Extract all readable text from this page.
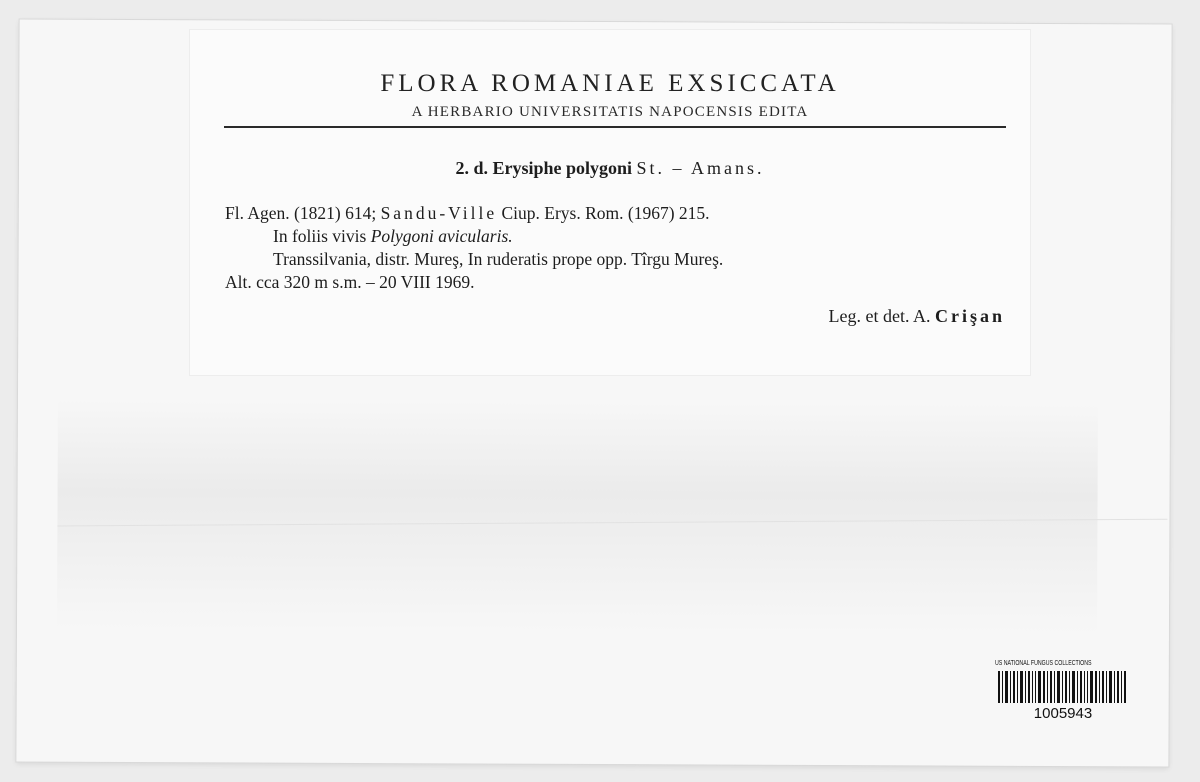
FLORA ROMANIAE EXSICCATA
A HERBARIO UNIVERSITATIS NAPOCENSIS EDITA
2. d. Erysiphe polygoni St. – Amans.
Fl. Agen. (1821) 614; Sandu-Ville Ciup. Erys. Rom. (1967) 215.
In foliis vivis Polygoni avicularis.
Transsilvania, distr. Mureş, In ruderatis prope opp. Tîrgu Mureş.
Alt. cca 320 m s.m. – 20 VIII 1969.
Leg. et det. A. Crişan
US NATIONAL FUNGUS COLLECTIONS
1005943
